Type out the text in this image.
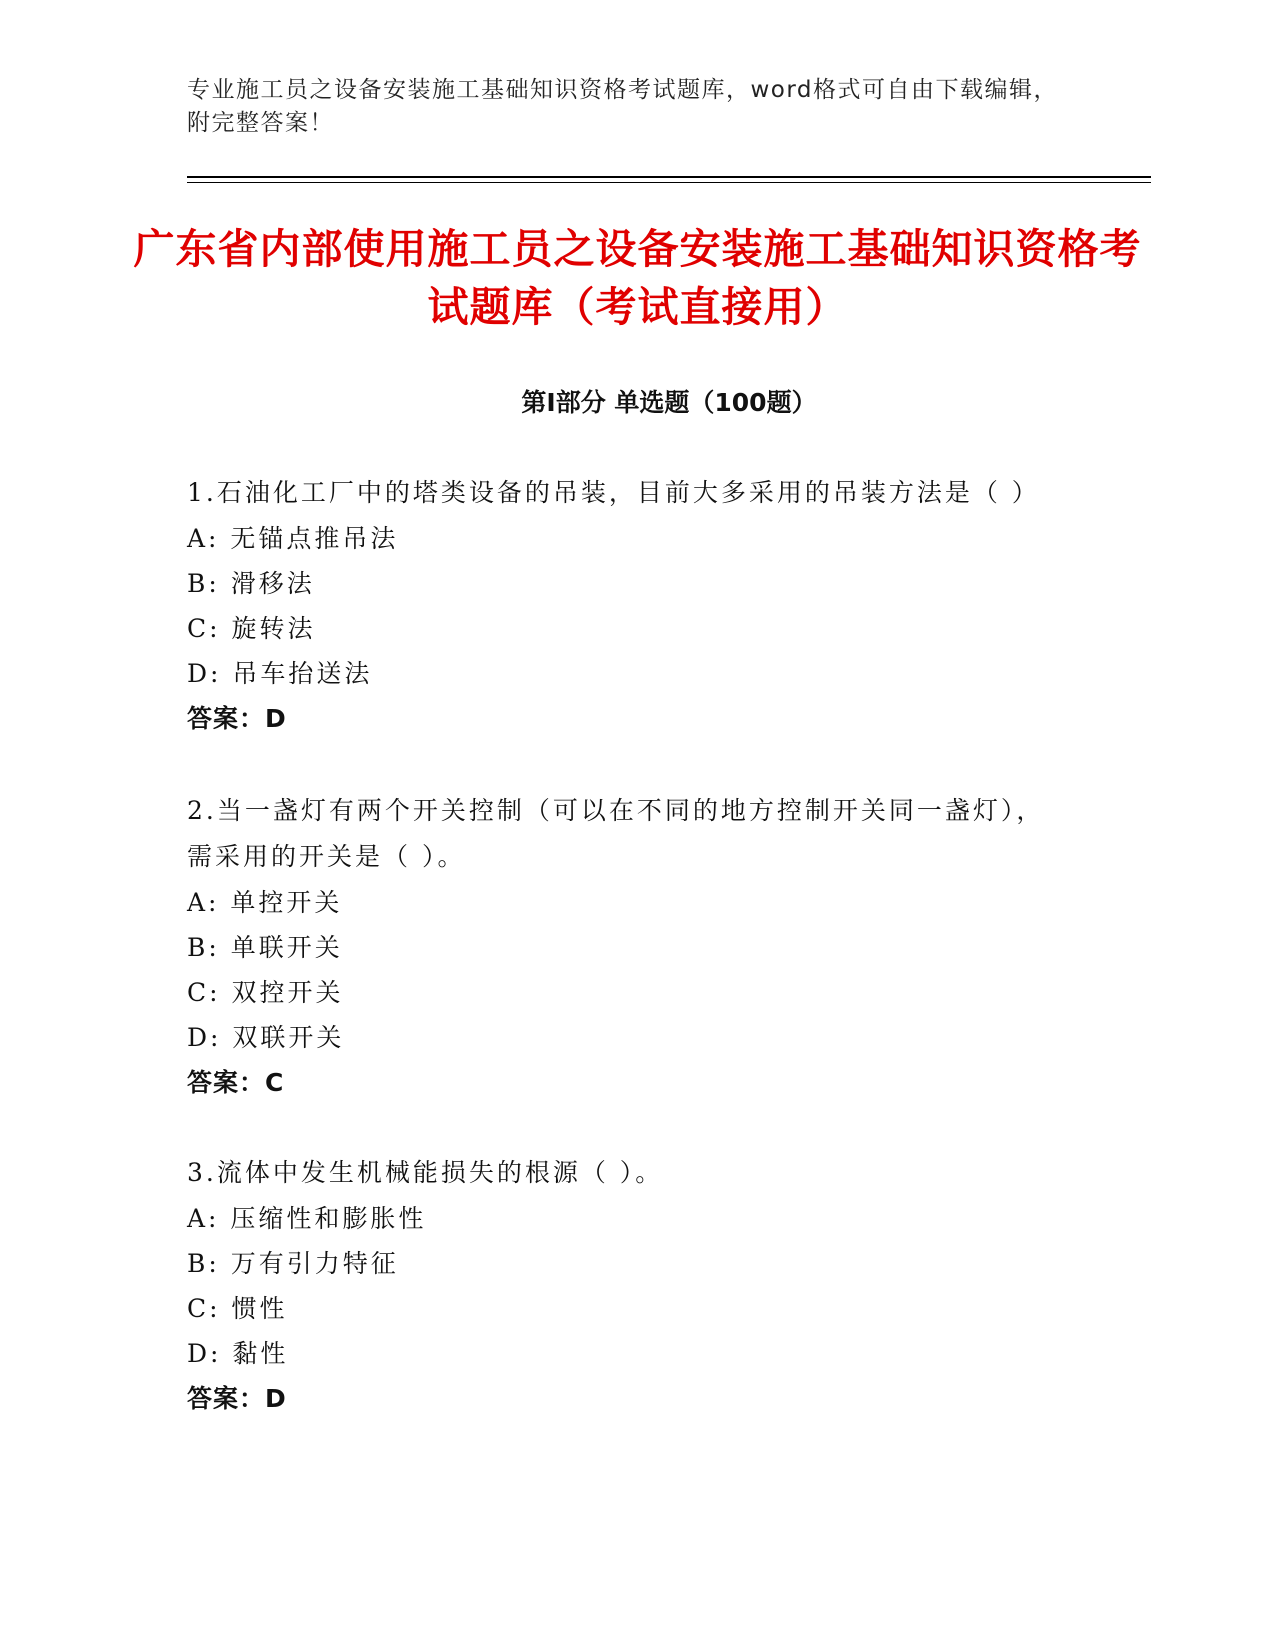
专业施工员之设备安装施工基础知识资格考试题库，word格式可自由下载编辑，附完整答案！
广东省内部使用施工员之设备安装施工基础知识资格考试题库（考试直接用）
第Ⅰ部分 单选题（100题）
1.石油化工厂中的塔类设备的吊装，目前大多采用的吊装方法是（ ）
A: 无锚点推吊法
B: 滑移法
C: 旋转法
D: 吊车抬送法
答案：D
2.当一盏灯有两个开关控制（可以在不同的地方控制开关同一盏灯），需采用的开关是（ ）。
A: 单控开关
B: 单联开关
C: 双控开关
D: 双联开关
答案：C
3.流体中发生机械能损失的根源（ ）。
A: 压缩性和膨胀性
B: 万有引力特征
C: 惯性
D: 黏性
答案：D
